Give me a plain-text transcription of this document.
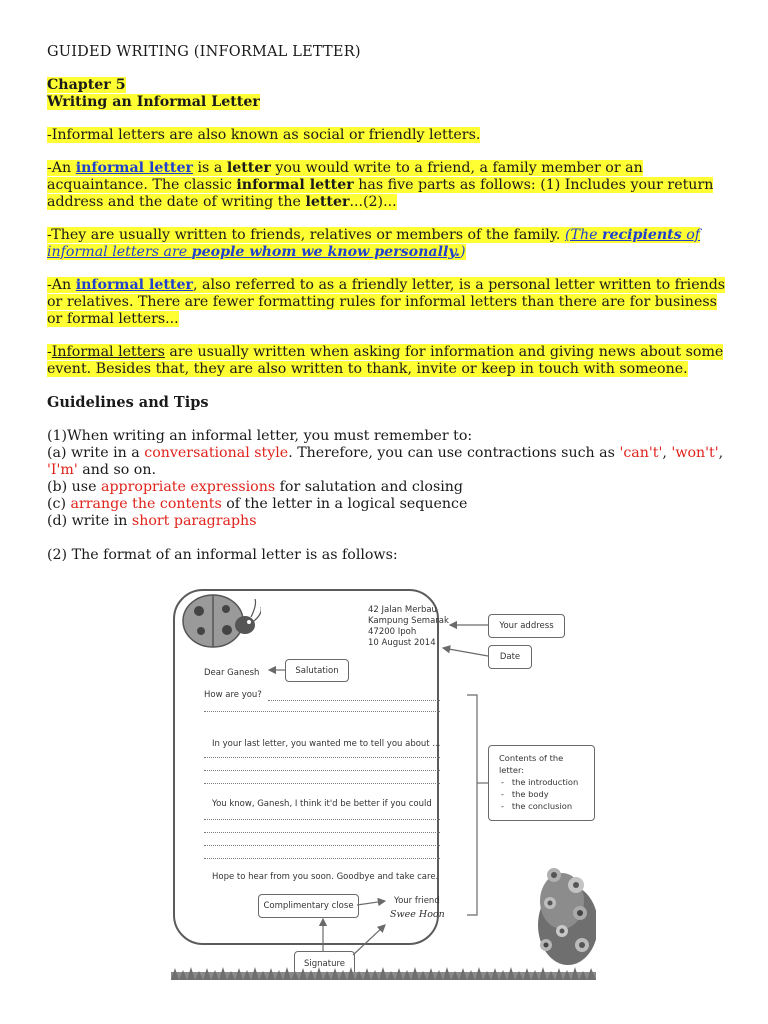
GUIDED WRITING (INFORMAL LETTER)
Chapter 5
Writing an Informal Letter

-Informal letters are also known as social or friendly letters.

-An informal letter is a letter you would write to a friend, a family member or an acquaintance. The classic informal letter has five parts as follows: (1) Includes your return address and the date of writing the letter...(2)...

-They are usually written to friends, relatives or members of the family. (The recipients of informal letters are people whom we know personally.)

-An informal letter, also referred to as a friendly letter, is a personal letter written to friends or relatives. There are fewer formatting rules for informal letters than there are for business or formal letters...

-Informal letters are usually written when asking for information and giving news about some event. Besides that, they are also written to thank, invite or keep in touch with someone.

Guidelines and Tips
(1)When writing an informal letter, you must remember to:
(a) write in a conversational style. Therefore, you can use contractions such as 'can't', 'won't', 'I'm' and so on.
(b) use appropriate expressions for salutation and closing
(c) arrange the contents of the letter in a logical sequence
(d) write in short paragraphs
(2) The format of an informal letter is as follows:
42 Jalan Merbau
Kampung Semarak
47200 Ipoh
10 August 2014
Dear Ganesh
How are you?
In your last letter, you wanted me to tell you about ...
You know, Ganesh, I think it'd be better if you could
Hope to hear from you soon. Goodbye and take care.
Your friend
Swee Hoon
Salutation
Your address
Date
Complimentary close
Signature
Contents of the
letter:
-   the introduction
-   the body
-   the conclusion
